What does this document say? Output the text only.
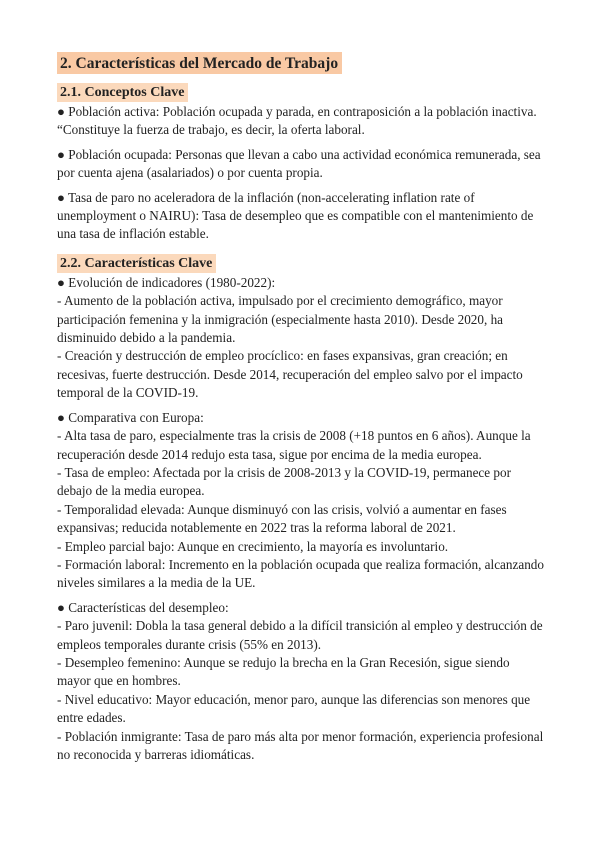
2. Características del Mercado de Trabajo
2.1. Conceptos Clave

● Población activa: Población ocupada y parada, en contraposición a la población inactiva. “Constituye la fuerza de trabajo, es decir, la oferta laboral.

● Población ocupada: Personas que llevan a cabo una actividad económica remunerada, sea por cuenta ajena (asalariados) o por cuenta propia.

● Tasa de paro no aceleradora de la inflación (non-accelerating inflation rate of unemployment o NAIRU): Tasa de desempleo que es compatible con el mantenimiento de una tasa de inflación estable.

2.2. Características Clave
● Evolución de indicadores (1980-2022):
- Aumento de la población activa, impulsado por el crecimiento demográfico, mayor participación femenina y la inmigración (especialmente hasta 2010). Desde 2020, ha disminuido debido a la pandemia.
- Creación y destrucción de empleo procíclico: en fases expansivas, gran creación; en recesivas, fuerte destrucción. Desde 2014, recuperación del empleo salvo por el impacto temporal de la COVID-19.
● Comparativa con Europa:
- Alta tasa de paro, especialmente tras la crisis de 2008 (+18 puntos en 6 años). Aunque la recuperación desde 2014 redujo esta tasa, sigue por encima de la media europea.
- Tasa de empleo: Afectada por la crisis de 2008-2013 y la COVID-19, permanece por debajo de la media europea.
- Temporalidad elevada: Aunque disminuyó con las crisis, volvió a aumentar en fases expansivas; reducida notablemente en 2022 tras la reforma laboral de 2021.
- Empleo parcial bajo: Aunque en crecimiento, la mayoría es involuntario.
- Formación laboral: Incremento en la población ocupada que realiza formación, alcanzando niveles similares a la media de la UE.
● Características del desempleo:
- Paro juvenil: Dobla la tasa general debido a la difícil transición al empleo y destrucción de empleos temporales durante crisis (55% en 2013).
- Desempleo femenino: Aunque se redujo la brecha en la Gran Recesión, sigue siendo mayor que en hombres.
- Nivel educativo: Mayor educación, menor paro, aunque las diferencias son menores que entre edades.
- Población inmigrante: Tasa de paro más alta por menor formación, experiencia profesional no reconocida y barreras idiomáticas.
